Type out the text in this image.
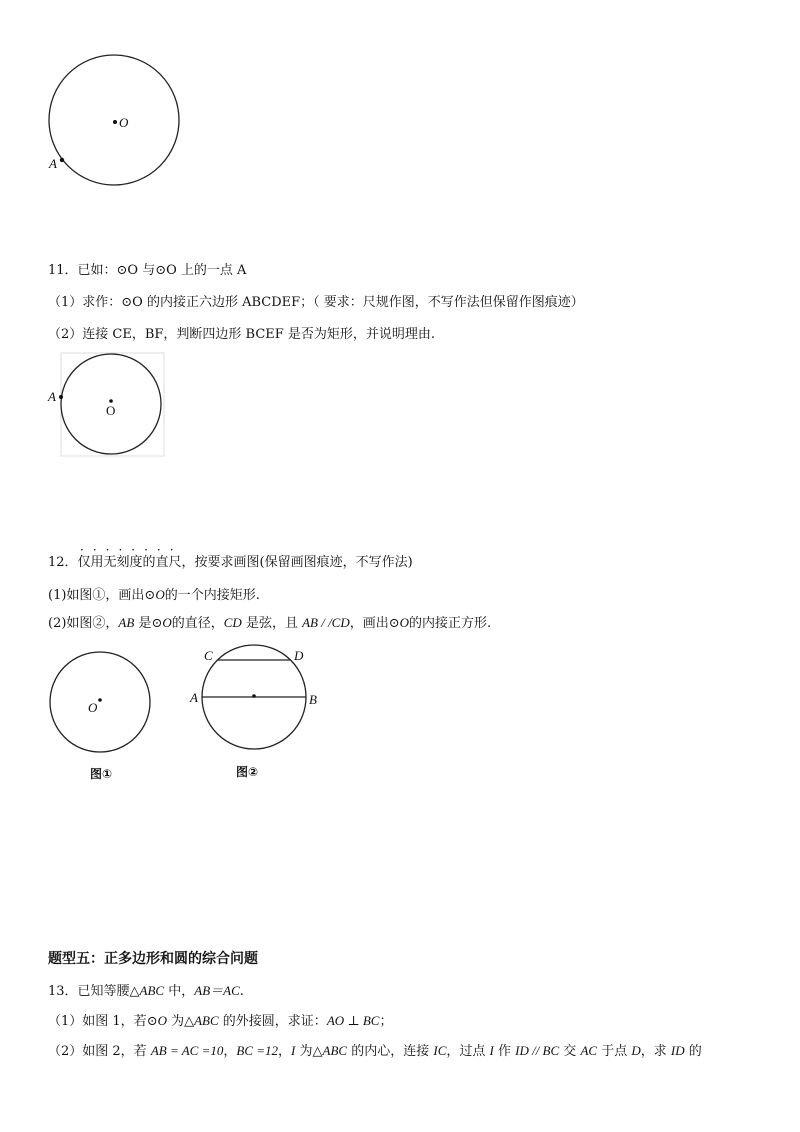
O
A
11．已如：⊙O 与⊙O 上的一点 A
（1）求作：⊙O 的内接正六边形 ABCDEF；（ 要求：尺规作图，不写作法但保留作图痕迹）
（2）连接 CE，BF，判断四边形 BCEF 是否为矩形，并说明理由.
O
A
········
12．仅用无刻度的直尺，按要求画图(保留画图痕迹，不写作法)
(1)如图①，画出⊙O的一个内接矩形.
(2)如图②，AB 是⊙O的直径，CD 是弦，且 AB / /CD，画出⊙O的内接正方形.
O
图①
C	D
A	B
图②
题型五：正多边形和圆的综合问题
13．已知等腰△ABC 中，AB＝AC.
（1）如图 1，若⊙O 为△ABC 的外接圆，求证：AO ⊥ BC；
（2）如图 2，若 AB = AC =10，BC =12，I 为△ABC 的内心，连接 IC，过点 I 作 ID // BC 交 AC 于点 D，求 ID 的
